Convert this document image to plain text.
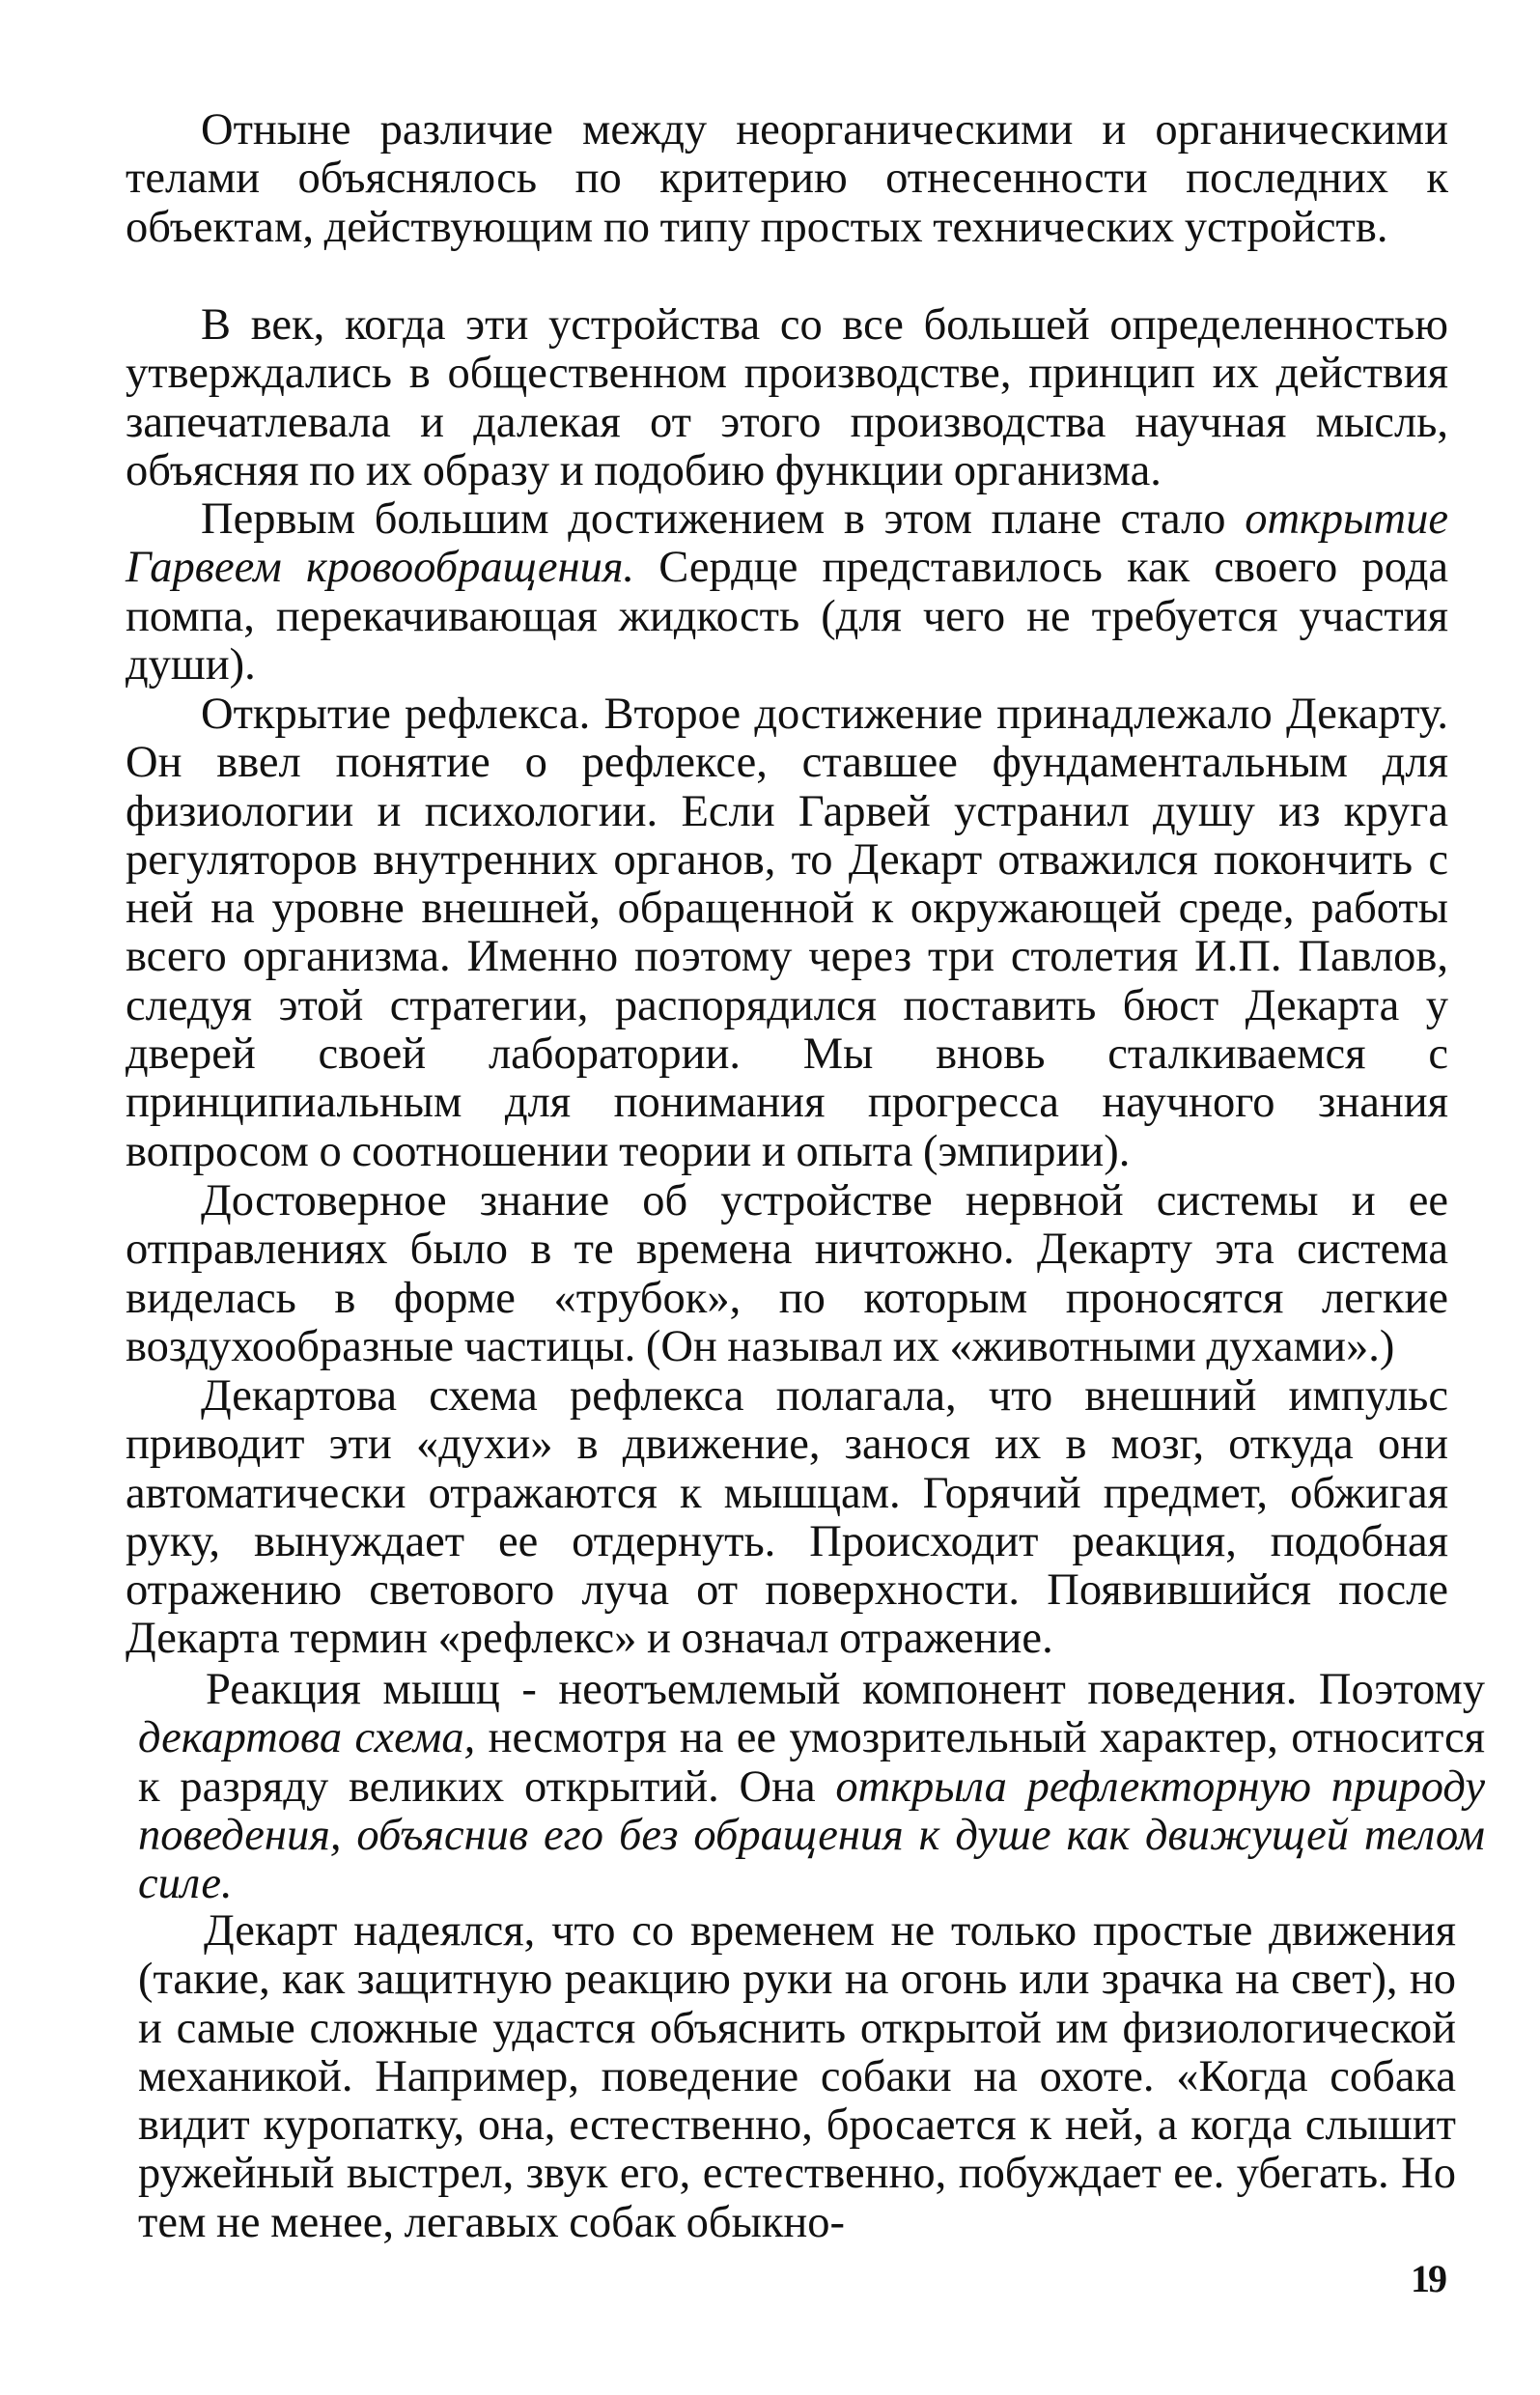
Отныне различие между неорганическими и органическими телами объяснялось по критерию отнесенности последних к объектам, действующим по типу простых технических устройств.

В век, когда эти устройства со все большей определенностью утверждались в общественном производстве, принцип их действия запечатлевала и далекая от этого производства научная мысль, объясняя по их образу и подобию функции организма.

Первым большим достижением в этом плане стало открытие Гарвеем кровообращения. Сердце представилось как своего рода помпа, перекачивающая жидкость (для чего не требуется участия души).

Открытие рефлекса. Второе достижение принадлежало Декарту. Он ввел понятие о рефлексе, ставшее фундаментальным для физиологии и психологии. Если Гарвей устранил душу из круга регуляторов внутренних органов, то Декарт отважился покончить с ней на уровне внешней, обращенной к окружающей среде, работы всего организма. Именно поэтому через три столетия И.П. Павлов, следуя этой стратегии, распорядился поставить бюст Декарта у дверей своей лаборатории. Мы вновь сталкиваемся с принципиальным для понимания прогресса научного знания вопросом о соотношении теории и опыта (эмпирии).

Достоверное знание об устройстве нервной системы и ее отправлениях было в те времена ничтожно. Декарту эта система виделась в форме «трубок», по которым проносятся легкие воздухообразные частицы. (Он называл их «животными духами».)

Декартова схема рефлекса полагала, что внешний импульс приводит эти «духи» в движение, занося их в мозг, откуда они автоматически отражаются к мышцам. Горячий предмет, обжигая руку, вынуждает ее отдернуть. Происходит реакция, подобная отражению светового луча от поверхности. Появившийся после Декарта термин «рефлекс» и означал отражение.

Реакция мышц - неотъемлемый компонент поведения. Поэтому декартова схема, несмотря на ее умозрительный характер, относится к разряду великих открытий. Она открыла рефлекторную природу поведения, объяснив его без обращения к душе как движущей телом силе.

Декарт надеялся, что со временем не только простые движения (такие, как защитную реакцию руки на огонь или зрачка на свет), но и самые сложные удастся объяснить открытой им физиологической механикой. Например, поведение собаки на охоте. «Когда собака видит куропатку, она, естественно, бросается к ней, а когда слышит ружейный выстрел, звук его, естественно, побуждает ее. убегать. Но тем не менее, легавых собак обыкно-

19
